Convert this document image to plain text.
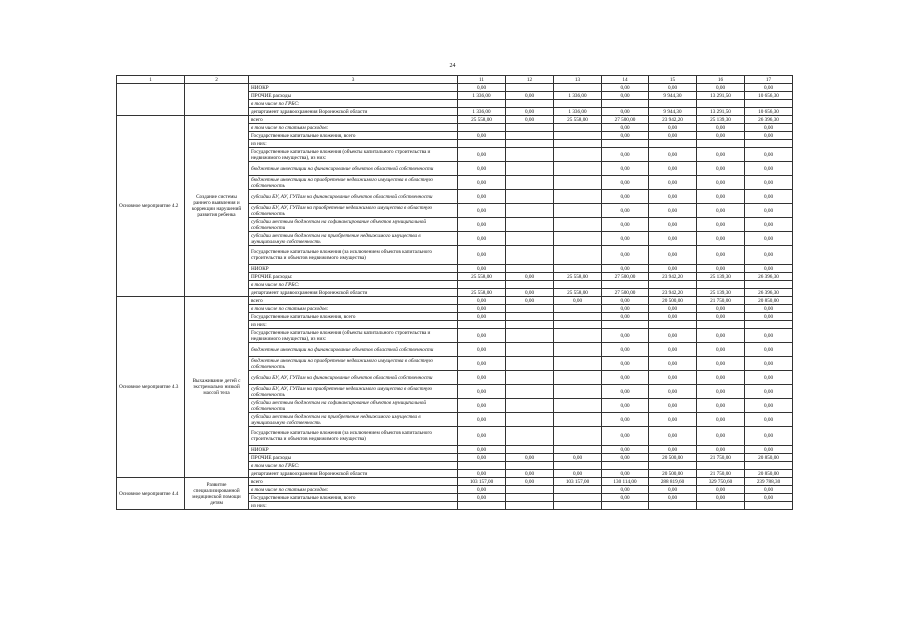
24
1	2	3	11	12	13	14	15	16	17
		НИОКР	0,00			0,00	0,00	0,00	0,00
		ПРОЧИЕ расходы	1 336,00	0,00	1 336,00	0,00	9 944,30	13 291,50	10 656,30
		в том числе по ГРБС:							
		департамент здравоохранения Воронежской области	1 336,00	0,00	1 336,00	0,00	9 944,30	13 291,50	10 656,30
Основное мероприятие 4.2	Создание системы раннего выявления и коррекции нарушений развития ребенка	всего	25 558,00	0,00	25 558,00	27 500,00	23 942,20	25 139,30	26 396,30
		в том числе по статьям расходов:				0,00	0,00	0,00	0,00
		Государственные капитальные вложения, всего	0,00			0,00	0,00	0,00	0,00
		из них:							
		Государственные капитальные вложения (объекты капитального строительства и недвижимого имущества), из них:	0,00			0,00	0,00	0,00	0,00
		бюджетные инвестиции на финансирование объектов областной собственности	0,00			0,00	0,00	0,00	0,00
		бюджетные инвестиции на приобретение недвижимого имущества в областную собственность	0,00			0,00	0,00	0,00	0,00
		субсидии БУ, АУ, ГУПам на финансирование объектов областной собственности	0,00			0,00	0,00	0,00	0,00
		субсидии БУ, АУ, ГУПам на приобретение недвижимого имущества в областную собственность	0,00			0,00	0,00	0,00	0,00
		субсидии местным бюджетам на софинансирование объектов муниципальной собственности	0,00			0,00	0,00	0,00	0,00
		субсидии местным бюджетам на приобретение недвижимого имущества в муниципальную собственность	0,00			0,00	0,00	0,00	0,00
		Государственные капитальные вложения (за исключением объектов капитального строительства и объектов недвижимого имущества)	0,00			0,00	0,00	0,00	0,00
		НИОКР	0,00			0,00	0,00	0,00	0,00
		ПРОЧИЕ расходы:	25 558,00	0,00	25 558,00	27 500,00	23 942,20	25 139,30	26 396,30
		в том числе по ГРБС:							
		департамент здравоохранения Воронежской области	25 558,00	0,00	25 558,00	27 500,00	23 942,20	25 139,30	26 396,30
Основное мероприятие 4.3	Выхаживание детей с экстремально низкой массой тела	всего	0,00	0,00	0,00	0,00	20 500,00	21 750,00	20 850,00
		в том числе по статьям расходов:	0,00			0,00	0,00	0,00	0,00
		Государственные капитальные вложения, всего	0,00			0,00	0,00	0,00	0,00
		из них:							
		Государственные капитальные вложения (объекты капитального строительства и недвижимого имущества), из них:	0,00			0,00	0,00	0,00	0,00
		бюджетные инвестиции на финансирование объектов областной собственности	0,00			0,00	0,00	0,00	0,00
		бюджетные инвестиции на приобретение недвижимого имущества в областную собственность	0,00			0,00	0,00	0,00	0,00
		субсидии БУ, АУ, ГУПам на финансирование объектов областной собственности	0,00			0,00	0,00	0,00	0,00
		субсидии БУ, АУ, ГУПам на приобретение недвижимого имущества в областную собственность	0,00			0,00	0,00	0,00	0,00
		субсидии местным бюджетам на софинансирование объектов муниципальной собственности	0,00			0,00	0,00	0,00	0,00
		субсидии местным бюджетам на приобретение недвижимого имущества в муниципальную собственность	0,00			0,00	0,00	0,00	0,00
		Государственные капитальные вложения (за исключением объектов капитального строительства и объектов недвижимого имущества)	0,00			0,00	0,00	0,00	0,00
		НИОКР	0,00			0,00	0,00	0,00	0,00
		ПРОЧИЕ расходы	0,00	0,00	0,00	0,00	20 500,00	21 750,00	20 850,00
		в том числе по ГРБС:							
		департамент здравоохранения Воронежской области	0,00	0,00	0,00	0,00	20 500,00	21 750,00	20 850,00
Основное мероприятие 4.4	Развитие специализированной медицинской помощи детям	всего	103 157,00	0,00	103 157,00	130 114,00	288 819,60	329 750,60	239 788,30
		в том числе по статьям расходов:	0,00			0,00	0,00	0,00	0,00
		Государственные капитальные вложения, всего	0,00			0,00	0,00	0,00	0,00
		из них:							
